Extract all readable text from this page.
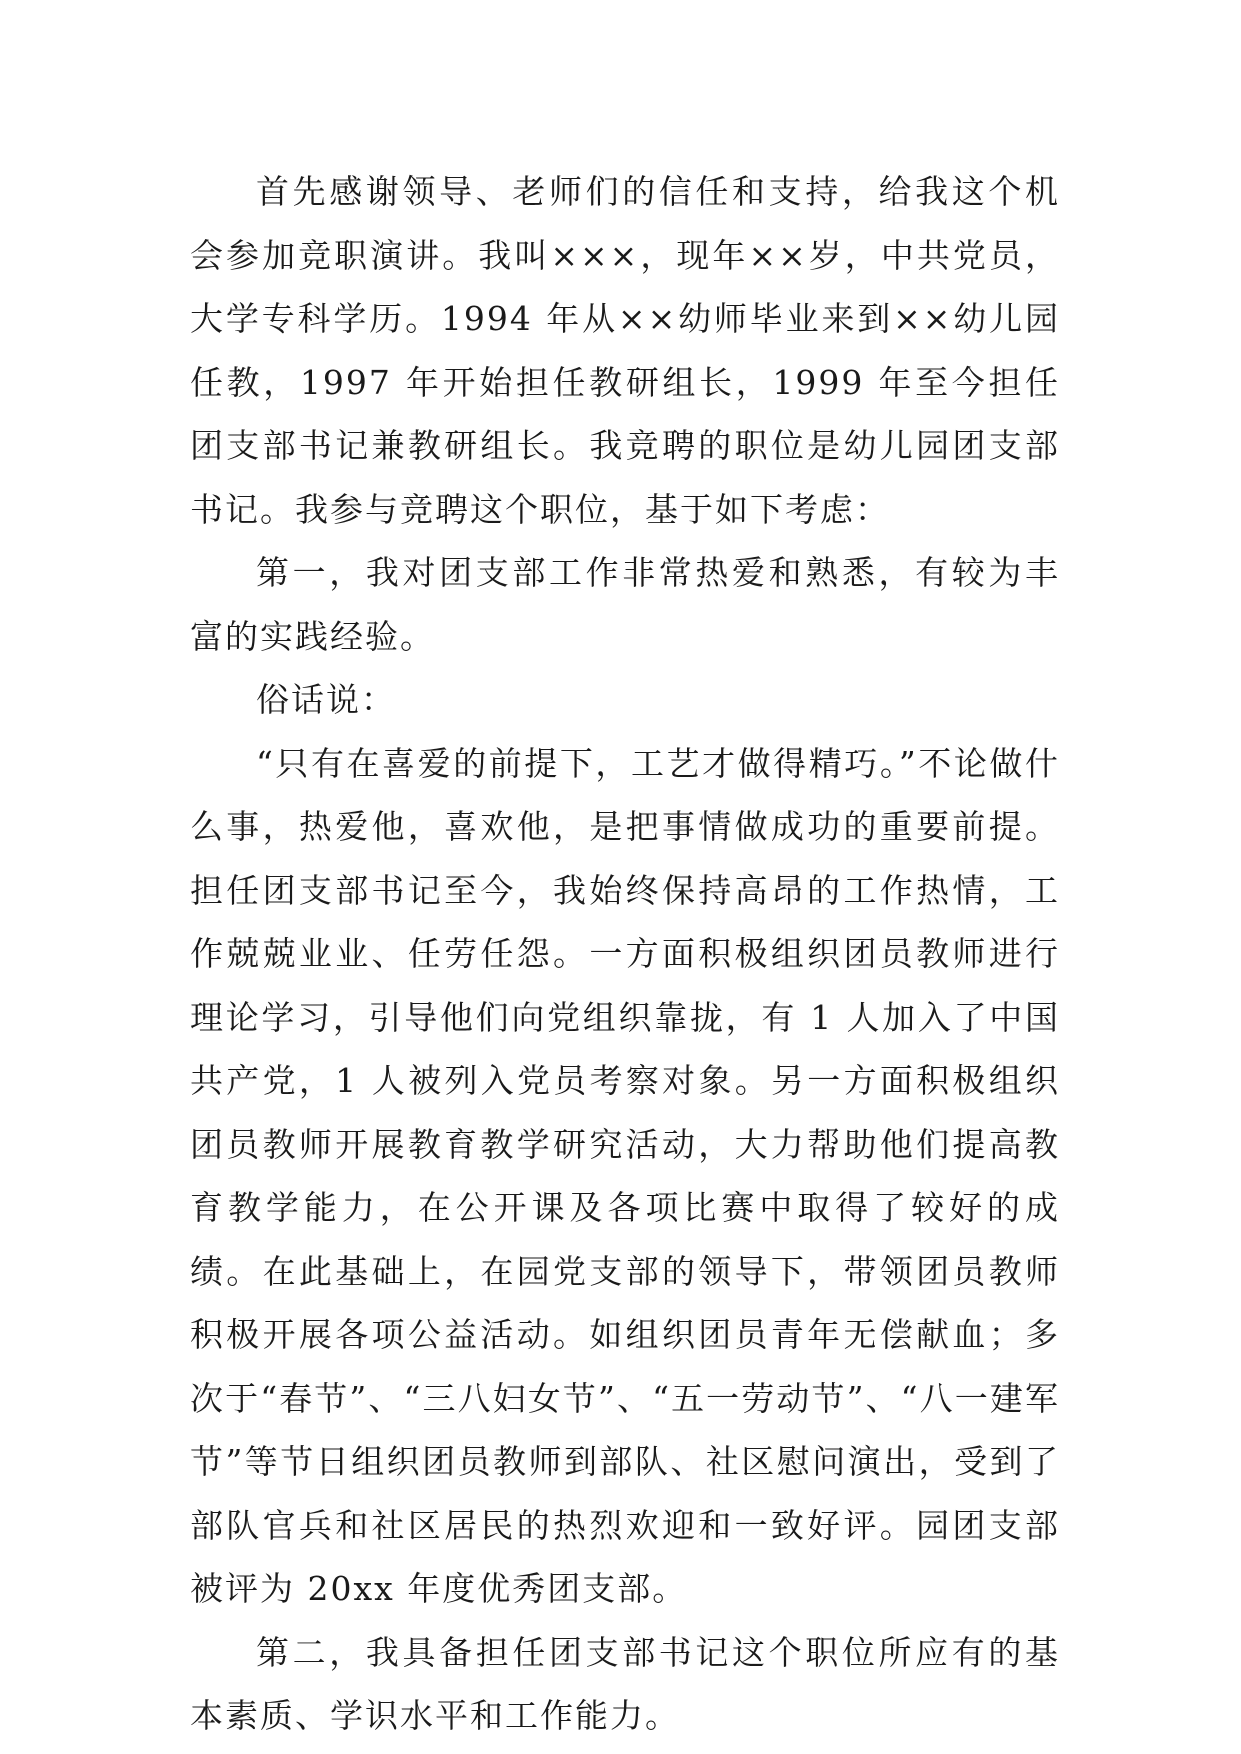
首先感谢领导、老师们的信任和支持，给我这个机会参加竞职演讲。我叫×××，现年××岁，中共党员，大学专科学历。1994 年从××幼师毕业来到××幼儿园任教，1997 年开始担任教研组长，1999 年至今担任团支部书记兼教研组长。我竞聘的职位是幼儿园团支部书记。我参与竞聘这个职位，基于如下考虑：

第一，我对团支部工作非常热爱和熟悉，有较为丰富的实践经验。

俗话说：

“只有在喜爱的前提下，工艺才做得精巧。”不论做什么事，热爱他，喜欢他，是把事情做成功的重要前提。担任团支部书记至今，我始终保持高昂的工作热情，工作兢兢业业、任劳任怨。一方面积极组织团员教师进行理论学习，引导他们向党组织靠拢，有 1 人加入了中国共产党，1 人被列入党员考察对象。另一方面积极组织团员教师开展教育教学研究活动，大力帮助他们提高教育教学能力，在公开课及各项比赛中取得了较好的成绩。在此基础上，在园党支部的领导下，带领团员教师积极开展各项公益活动。如组织团员青年无偿献血；多次于“春节”、“三八妇女节”、“五一劳动节”、“八一建军节”等节日组织团员教师到部队、社区慰问演出，受到了部队官兵和社区居民的热烈欢迎和一致好评。园团支部被评为 20xx 年度优秀团支部。

第二，我具备担任团支部书记这个职位所应有的基本素质、学识水平和工作能力。
